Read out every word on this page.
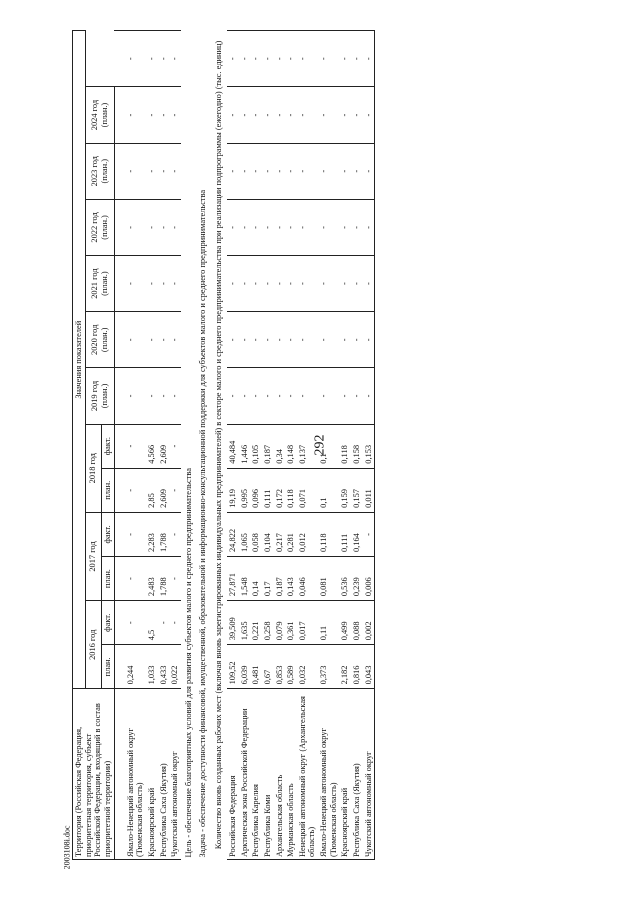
292
2003108i.doc Территория (Российская Федерация, приоритетная территория, субъект Российской Федерации, входящий в состав приоритетной территории)	Значения показателей												
	2016 год		2017 год		2018 год		2019 год (план.)	2020 год (план.)	2021 год (план.)	2022 год (план.)	2023 год (план.)	2024 год (план.)	
	план.	факт.	план.	факт.	план.	факт.							

Ямало-Ненецкий автономный округ (Тюменская область)	0,244	-	-	-	-	-	-	-	-	-	-	-	-
Красноярский край	1,033	4,5	2,483	2,283	2,85	4,566	-	-	-	-	-	-	-
Республика Саха (Якутия)	0,433	-	1,788	1,788	2,609	2,609	-	-	-	-	-	-	-
Чукотский автономный округ	0,022	-	-	-	-	-	-	-	-	-	-	-	-
Цель - обеспечение благоприятных условий для развития субъектов малого и среднего предпринимательства													
Задача - обеспечение доступности финансовой, имущественной, образовательной и информационно-консультационной поддержки для субъектов малого и среднего предпринимательства													
Количество вновь созданных рабочих мест (включая вновь зарегистрированных индивидуальных предпринимателей) в секторе малого и среднего предпринимательства при реализации подпрограммы (ежегодно) (тыс. единиц)													
Российская Федерация	109,52	39,509	27,871	24,822	19,19	40,484	-	-	-	-	-	-	-
Арктическая зона Российской Федерации	6,039	1,635	1,548	1,065	0,995	1,446	-	-	-	-	-	-	-
Республика Карелия	0,481	0,221	0,14	0,058	0,096	0,105	-	-	-	-	-	-	-
Республика Коми	0,67	0,258	0,17	0,104	0,111	0,187	-	-	-	-	-	-	-
Архангельская область	0,853	0,079	0,187	0,217	0,172	0,34	-	-	-	-	-	-	-
Мурманская область	0,589	0,361	0,143	0,281	0,118	0,148	-	-	-	-	-	-	-
Ненецкий автономный округ (Архангельская область)	0,032	0,017	0,046	0,012	0,071	0,137	-	-	-	-	-	-	-
Ямало-Ненецкий автономный округ (Тюменская область)	0,373	0,11	0,081	0,118	0,1	0,1	-	-	-	-	-	-	-
Красноярский край	2,182	0,499	0,536	0,111	0,159	0,118	-	-	-	-	-	-	-
Республика Саха (Якутия)	0,816	0,088	0,239	0,164	0,157	0,158	-	-	-	-	-	-	-
Чукотский автономный округ	0,043	0,002	0,006	-	0,011	0,153	-	-	-	-	-	-	-
